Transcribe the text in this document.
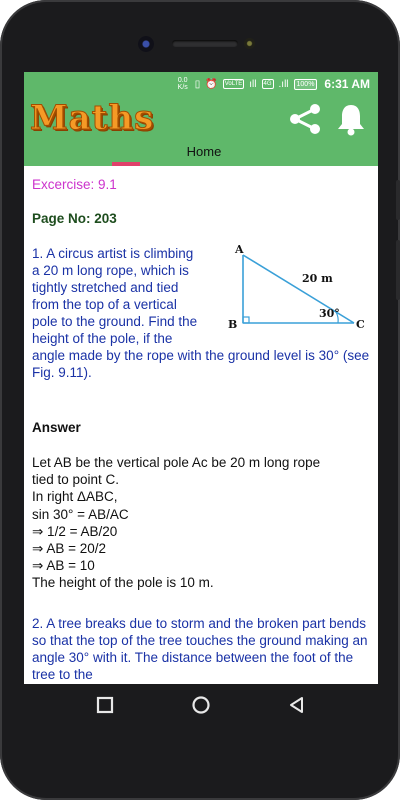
0.0
K/s ▯ ⏰	VoLTE ıll	4G .ıll	100% 6:31 AM
Maths
Home
Excercise: 9.1
Page No: 203
A
B	C
20 m
30°
1. A circus artist is climbing a 20 m long rope, which is tightly stretched and tied from the top of a vertical pole to the ground. Find the height of the pole, if the angle made by the rope with the ground level is 30° (see Fig. 9.11).
Answer
Let AB be the vertical pole Ac be 20 m long rope
tied to point C.
In right ΔABC,
sin 30° = AB/AC
⇒ 1/2 = AB/20
⇒ AB = 20/2
⇒ AB = 10
The height of the pole is 10 m.
2. A tree breaks due to storm and the broken part bends so that the top of the tree touches the ground making an angle 30° with it. The distance between the foot of the tree to the
